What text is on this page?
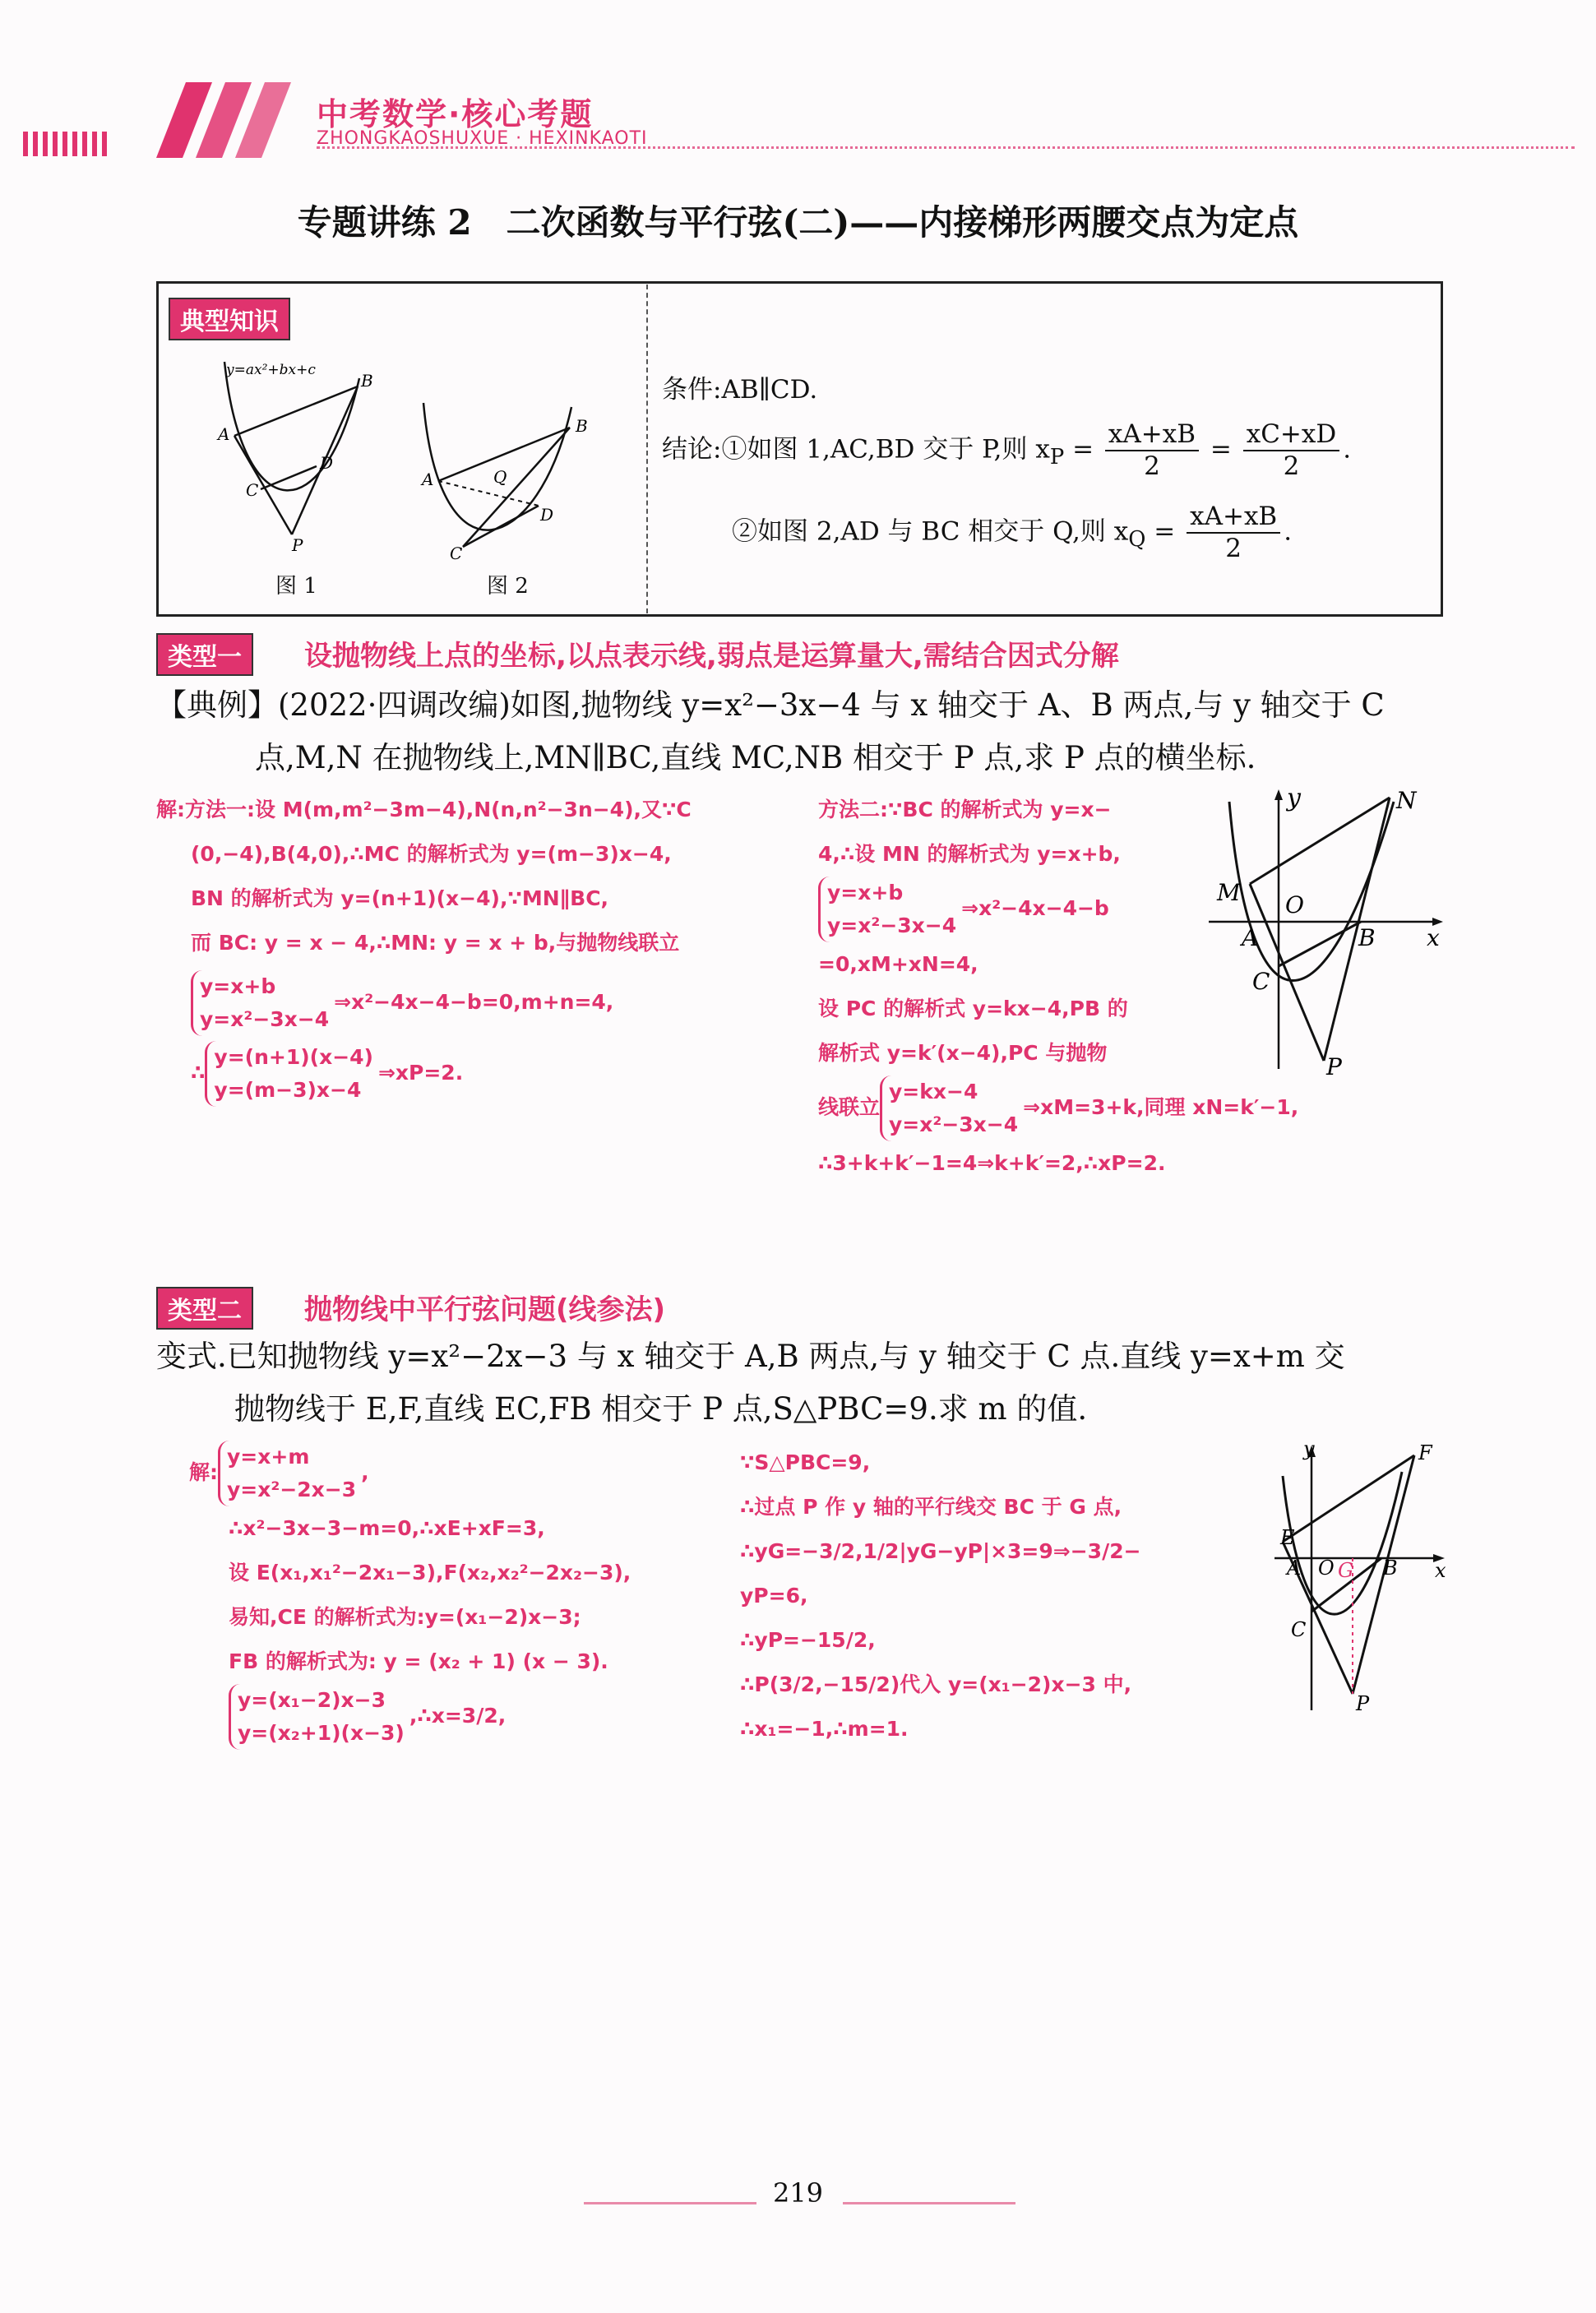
中考数学·核心考题
ZHONGKAOSHUXUE · HEXINKAOTI
专题讲练 2　二次函数与平行弦(二)——内接梯形两腰交点为定点
典型知识
y=ax²+bx+c
B
A
C
D
P
图 1
B
A	Q
D
C
图 2
条件:AB∥CD.
结论:①如图 1,AC,BD 交于 P,则 $x_P = \frac{xA+xB}{2} = \frac{xC+xD}{2}$ .
②如图 2,AD 与 BC 相交于 Q,则 $x_Q = \frac{xA+xB}{2}$ .
类型一	设抛物线上点的坐标,以点表示线,弱点是运算量大,需结合因式分解
【典例】(2022·四调改编)如图,抛物线 y=x²−3x−4 与 x 轴交于 A、B 两点,与 y 轴交于 C
点,M,N 在抛物线上,MN∥BC,直线 MC,NB 相交于 P 点,求 P 点的横坐标.
解:方法一:设 M(m,m²−3m−4),N(n,n²−3n−4),又∵C
(0,−4),B(4,0),∴MC 的解析式为 y=(m−3)x−4,
BN 的解析式为 y=(n+1)(x−4),∵MN∥BC,
而 BC: y = x − 4,∴MN: y = x + b,与抛物线联立
y=x+b
y=x²−3x−4
⇒x²−4x−4−b=0,m+n=4,
∴
y=(n+1)(x−4)
y=(m−3)x−4
⇒xP=2.
方法二:∵BC 的解析式为 y=x−
4,∴设 MN 的解析式为 y=x+b,
y=x+b
y=x²−3x−4
⇒x²−4x−4−b
=0,xM+xN=4,
设 PC 的解析式 y=kx−4,PB 的
解析式 y=k′(x−4),PC 与抛物
线联立
y=kx−4
y=x²−3x−4
⇒xM=3+k,同理 xN=k′−1,
∴3+k+k′−1=4⇒k+k′=2,∴xP=2.
y
x
N
M O
A	B
C
P
类型二	抛物线中平行弦问题(线参法)
变式.已知抛物线 y=x²−2x−3 与 x 轴交于 A,B 两点,与 y 轴交于 C 点.直线 y=x+m 交
抛物线于 E,F,直线 EC,FB 相交于 P 点,S△PBC=9.求 m 的值.
解:
y=x+m
y=x²−2x−3
,
∴x²−3x−3−m=0,∴xE+xF=3,
设 E(x₁,x₁²−2x₁−3),F(x₂,x₂²−2x₂−3),
易知,CE 的解析式为:y=(x₁−2)x−3;
FB 的解析式为: y = (x₂ + 1) (x − 3).
y=(x₁−2)x−3
y=(x₂+1)(x−3)
,∴x=3/2,
∵S△PBC=9,
∴过点 P 作 y 轴的平行线交 BC 于 G 点,
∴yG=−3/2,1/2|yG−yP|×3=9⇒−3/2−
yP=6,
∴yP=−15/2,
∴P(3/2,−15/2)代入 y=(x₁−2)x−3 中,
∴x₁=−1,∴m=1.
y
x
F
E
A O G B
C
P
219
